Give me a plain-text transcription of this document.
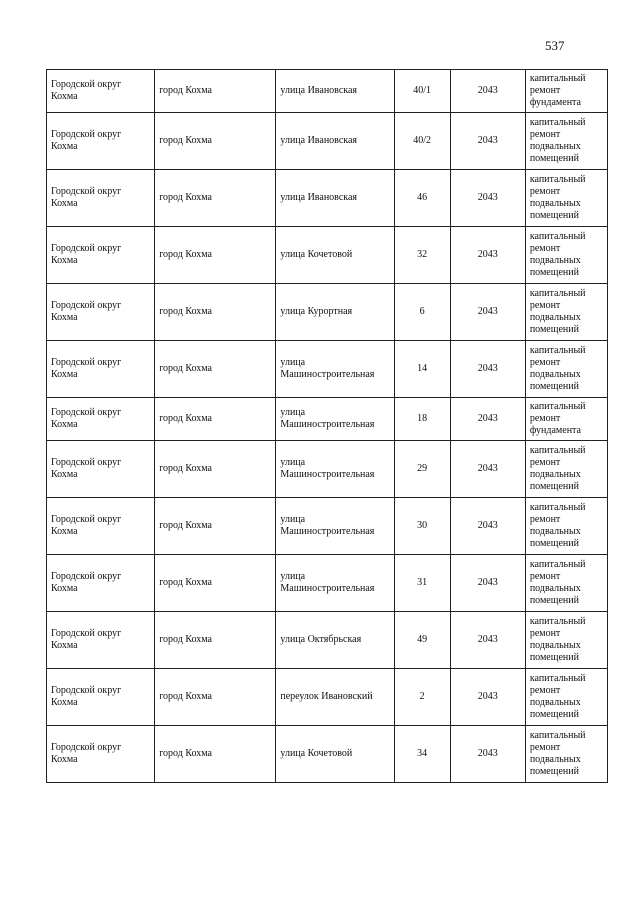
537
Городской округ Кохма	город Кохма	улица Ивановская	40/1	2043	капитальный ремонт фундамента
Городской округ Кохма	город Кохма	улица Ивановская	40/2	2043	капитальный ремонт подвальных помещений
Городской округ Кохма	город Кохма	улица Ивановская	46	2043	капитальный ремонт подвальных помещений
Городской округ Кохма	город Кохма	улица Кочетовой	32	2043	капитальный ремонт подвальных помещений
Городской округ Кохма	город Кохма	улица Курортная	6	2043	капитальный ремонт подвальных помещений
Городской округ Кохма	город Кохма	улица Машиностроительная	14	2043	капитальный ремонт подвальных помещений
Городской округ Кохма	город Кохма	улица Машиностроительная	18	2043	капитальный ремонт фундамента
Городской округ Кохма	город Кохма	улица Машиностроительная	29	2043	капитальный ремонт подвальных помещений
Городской округ Кохма	город Кохма	улица Машиностроительная	30	2043	капитальный ремонт подвальных помещений
Городской округ Кохма	город Кохма	улица Машиностроительная	31	2043	капитальный ремонт подвальных помещений
Городской округ Кохма	город Кохма	улица Октябрьская	49	2043	капитальный ремонт подвальных помещений
Городской округ Кохма	город Кохма	переулок Ивановский	2	2043	капитальный ремонт подвальных помещений
Городской округ Кохма	город Кохма	улица Кочетовой	34	2043	капитальный ремонт подвальных помещений
